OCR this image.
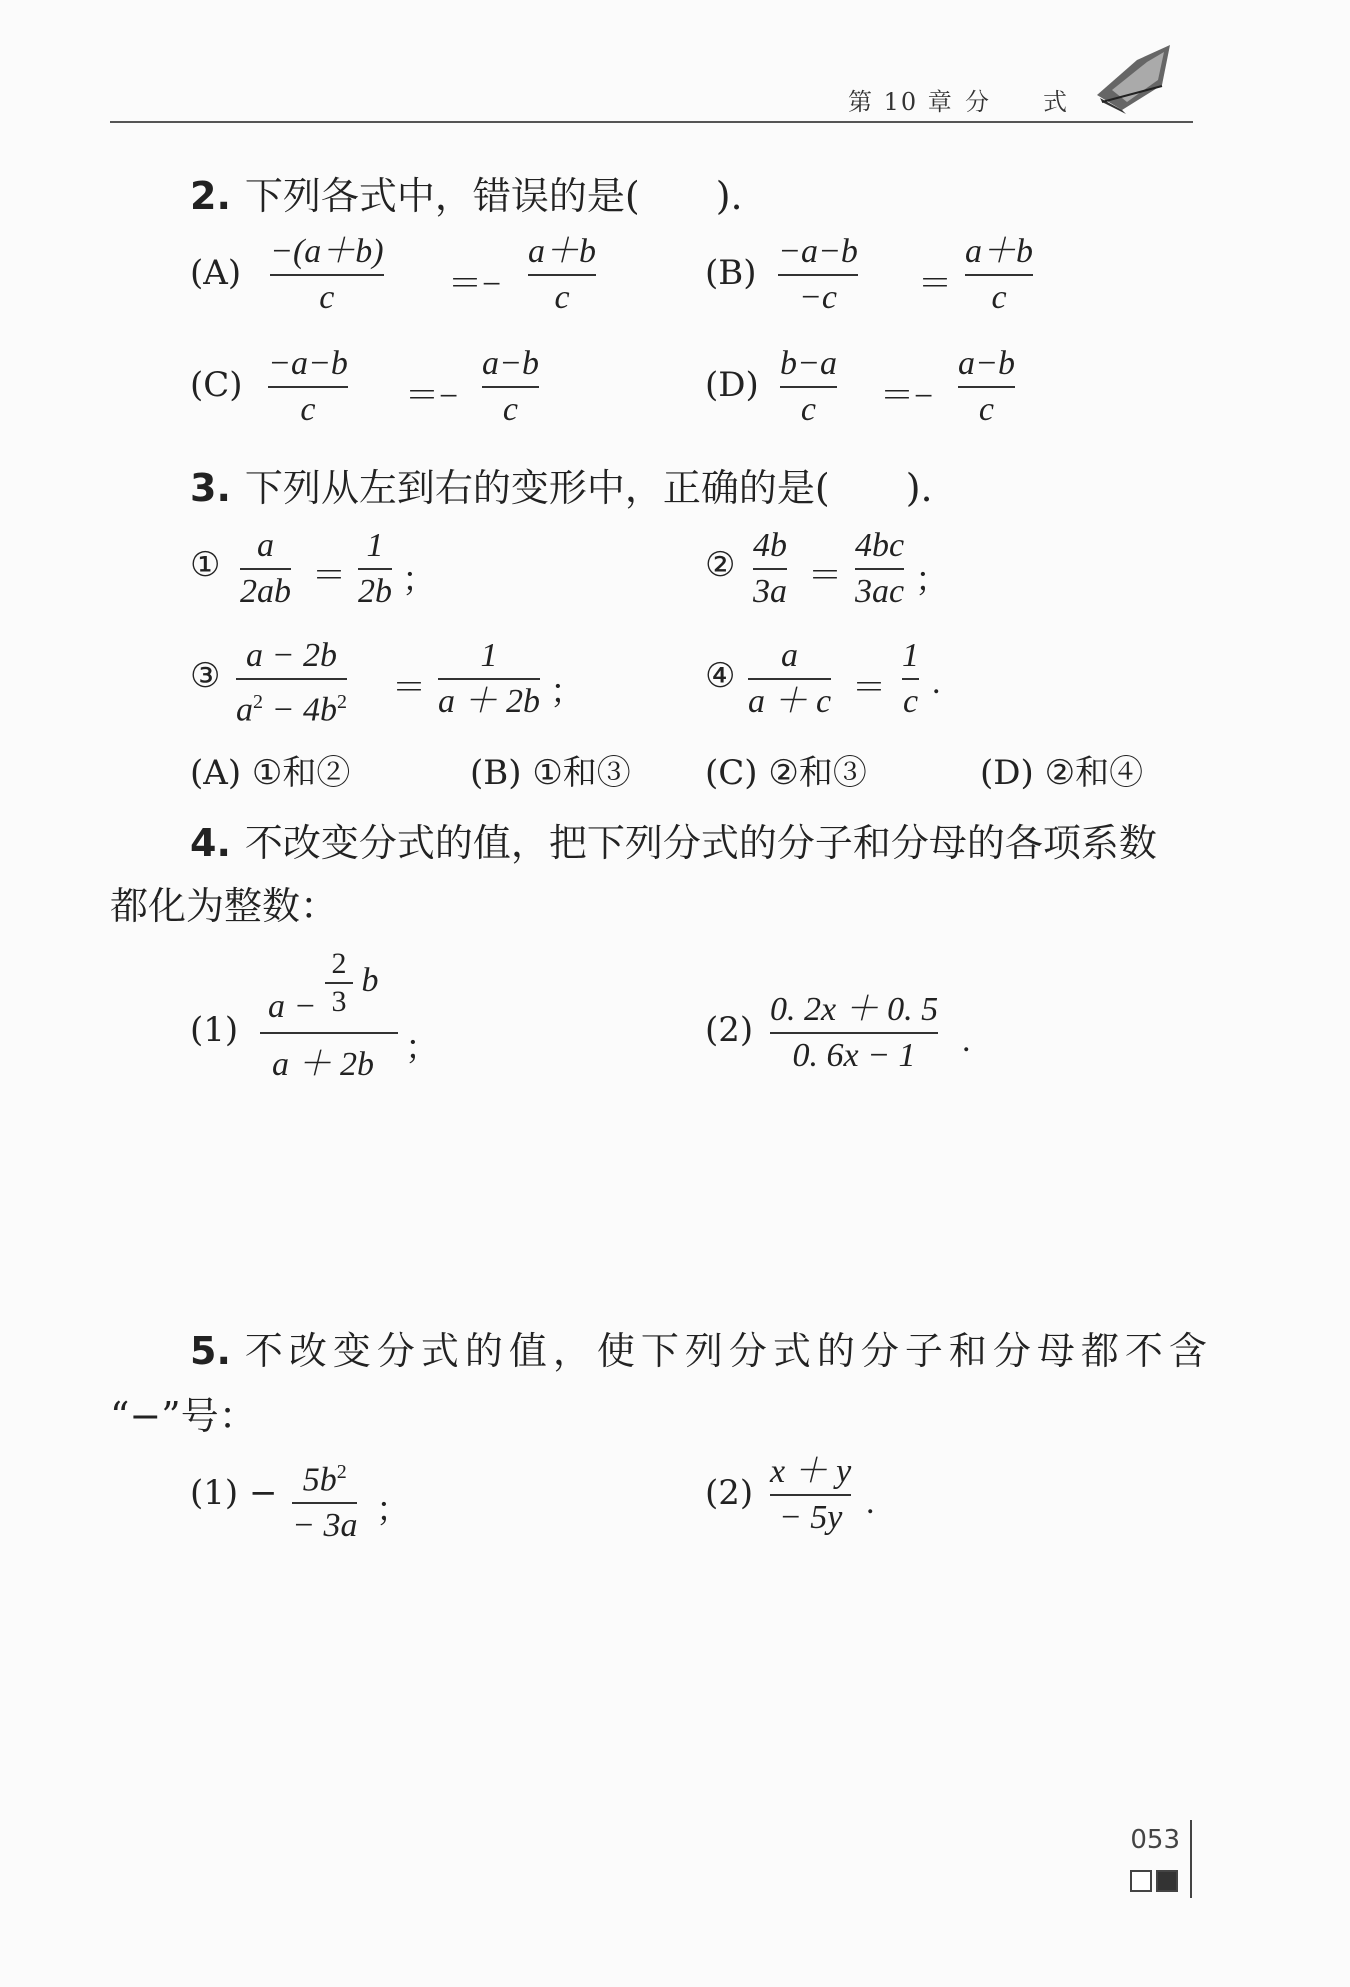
第 10 章 分 式
2. 下列各式中，错误的是(　　).
(A)
−(a＋b)
c	＝−
a＋b
c
(B)
−a−b
−c	＝
a＋b
c
(C)
−a−b
c	＝−
a−b
c
(D)
b−a
c	＝−
a−b
c
3. 下列从左到右的变形中，正确的是(　　).
①	a
2ab ＝
1
2b ；	② 4b
3a ＝
4bc
3ac ；
③
a − 2b
$a^2 - 4b^2$ ＝
1
a ＋ 2b ；	④
a
a ＋ c ＝
1
c
.
(A) ①和②	(B) ①和③ (C) ②和③	(D) ②和④
4. 不改变分式的值，把下列分式的分子和分母的各项系数
都化为整数：
(1)
$a - \frac{2}{3}$ b
a ＋ 2b ；	(2)
0. 2x ＋ 0. 5
0. 6x − 1	.
5. 不改变分式的值，使下列分式的分子和分母都不含
“−”号：
$(1) - 5b^2$
− 3a ；	(2)
x ＋ y
− 5y .
053
